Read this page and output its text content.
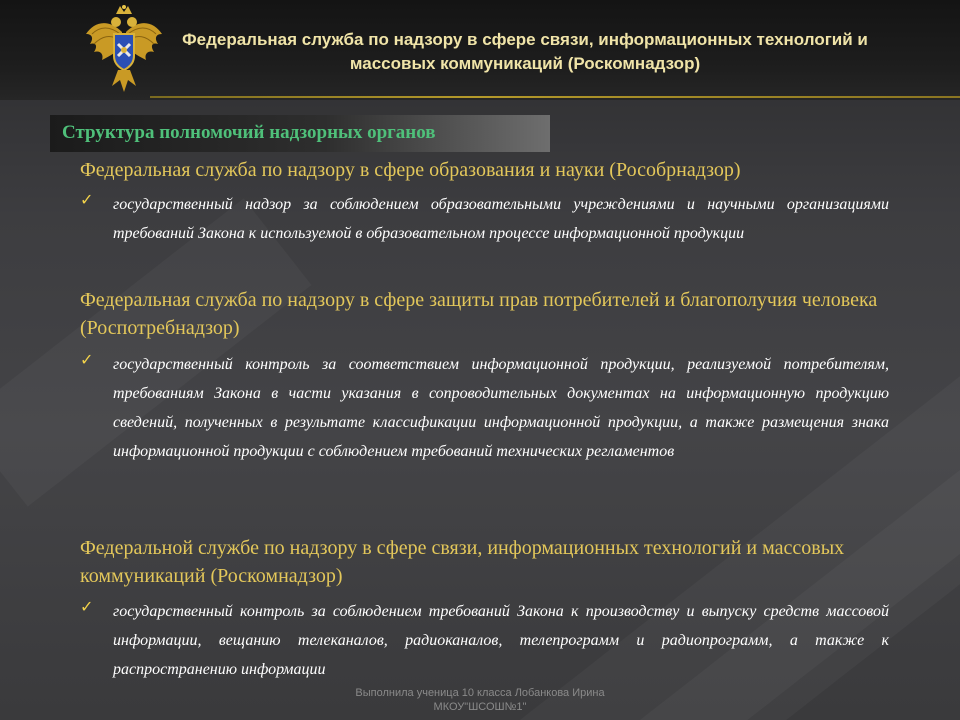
Федеральная служба по надзору в сфере связи, информационных технологий и массовых коммуникаций (Роскомнадзор)
Структура полномочий надзорных органов
Федеральная служба по надзору в сфере образования и науки (Рособрнадзор)
✓ государственный надзор за соблюдением образовательными учреждениями и научными организациями требований Закона к используемой в образовательном процессе информационной продукции
Федеральная служба по надзору в сфере защиты прав потребителей и благополучия человека (Роспотребнадзор)
✓ государственный контроль за соответствием информационной продукции, реализуемой потребителям, требованиям Закона в части указания в сопроводительных документах на информационную продукцию сведений, полученных в результате классификации информационной продукции, а также размещения знака информационной продукции с соблюдением требований технических регламентов
Федеральной службе по надзору в сфере связи, информационных технологий и массовых коммуникаций (Роскомнадзор)
✓ государственный контроль за соблюдением требований Закона к производству и выпуску средств массовой информации, вещанию телеканалов, радиоканалов, телепрограмм и радиопрограмм, а также к распространению информации
Выполнила ученица 10 класса Лобанкова Ирина
МКОУ"ШСОШ№1"
